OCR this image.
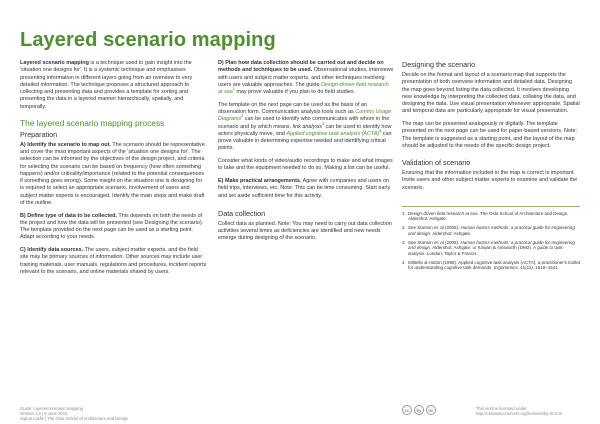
Layered scenario mapping

Layered scenario mapping is a technique used to gain insight into the 'situation one designs for'. It is a systemic technique and emphasises presenting information in different layers going from an overview to very detailed information. The technique proposes a structured approach to collecting and presenting data and provides a template for sorting and presenting the data in a layered manner hierarchically, spatially, and temporally.

The layered scenario mapping process
Preparation

A) Identify the scenario to map out. The scenario should be representative and cover the most important aspects of the 'situation one designs for'. The selection can be informed by the objectives of the design project, and criteria for selecting the scenario can be based on frequency (how often something happens) and/or criticality/importance (related to the potential consequences if something goes wrong). Some insight on the situation one is designing for is required to select an appropriate scenario. Involvement of users and subject matter experts is encouraged. Identify the main steps and make draft of the outline.

B) Define type of data to be collected. This depends on both the needs of the project and how the data will be presented (see Designing the scenario). The template provided on the next page can be used as a starting point. Adapt according to your needs.

C) Identify data sources. The users, subject matter experts, and the field site may be primary sources of information. Other sources may include user training materials, user manuals, regulations and procedures, incident reports relevant to the scenario, and online materials shared by users.

D) Plan how data collection should be carried out and decide on methods and techniques to be used. Observational studies, interviews with users and subject matter experts, and other techniques involving users are valuable approaches. The guide Design-driven field research at sea$^1$ may prove valuable if you plan to do field studies.

The template on the next page can be used as the basis of an observation form. Communication analysis tools such as Comms Usage Diagrams$^2$ can be used to identify who communicates with whom in the scenario and by which means, link analysis$^3$ can be used to identify how actors physically move, and Applied cognitive task analysis (ACTA)$^4$ can prove valuable in determining expertise needed and identifying critical points.

Consider what kinds of video/audio recordings to make and what images to take and the equipment needed to do so. Making a list can be useful.

E) Make practical arrangements. Agree with companies and users on field trips, interviews, etc. Note: This can be time consuming. Start early and set aside sufficient time for this activity.

Data collection

Collect data as planned. Note: You may need to carry out data collection activities several times as deficiencies are identified and new needs emerge during designing of the scenario.

Designing the scenario

Decide on the format and layout of a scenario map that supports the presentation of both overview information and detailed data. Designing the map goes beyond listing the data collected. It involves developing new knowledge by interpreting the collected data, collating the data, and designing the data. Use visual presentation whenever appropriate. Spatial and temporal data are particularly appropriate for visual presentation.

The map can be presented analogously or digitally. The template presented on the next page can be used for paper-based versions. Note: The template is suggested as a starting point, and the layout of the map should be adjusted to the needs of the specific design project.

Validation of scenario

Ensuring that the information included in the map is correct is important. Invite users and other subject matter experts to examine and validate the scenario.

1 Design-driven field research at sea. The Oslo School of Architecture and Design. Aldershot: Ashgate.
2 See Stanton et. al (2005). Human factors methods: a practical guide for engineering and design. Aldershot: Ashgate.
3 See Stanton et. al (2005). Human factors methods: a practical guide for engineering and design. Aldershot: Ashgate. or Kirwan & Ainsworth (1992). A guide to task analysis. London: Taylor & Francis.
4 Militello & Hutton (1998). Applied cognitive task analysis (ACTA): a practitioner's toolkit for understanding cognitive task demands. Ergonomics, 41(11), 1618–1641.
Guide: Layered scenario mapping
Version 1.0 | 9 June 2015
Sigrun Lurås | The Oslo School of Architecture and Design
cc	by	nc	This work is licensed under
http://creativecommons.org/licenses/by-nc/4.0/
